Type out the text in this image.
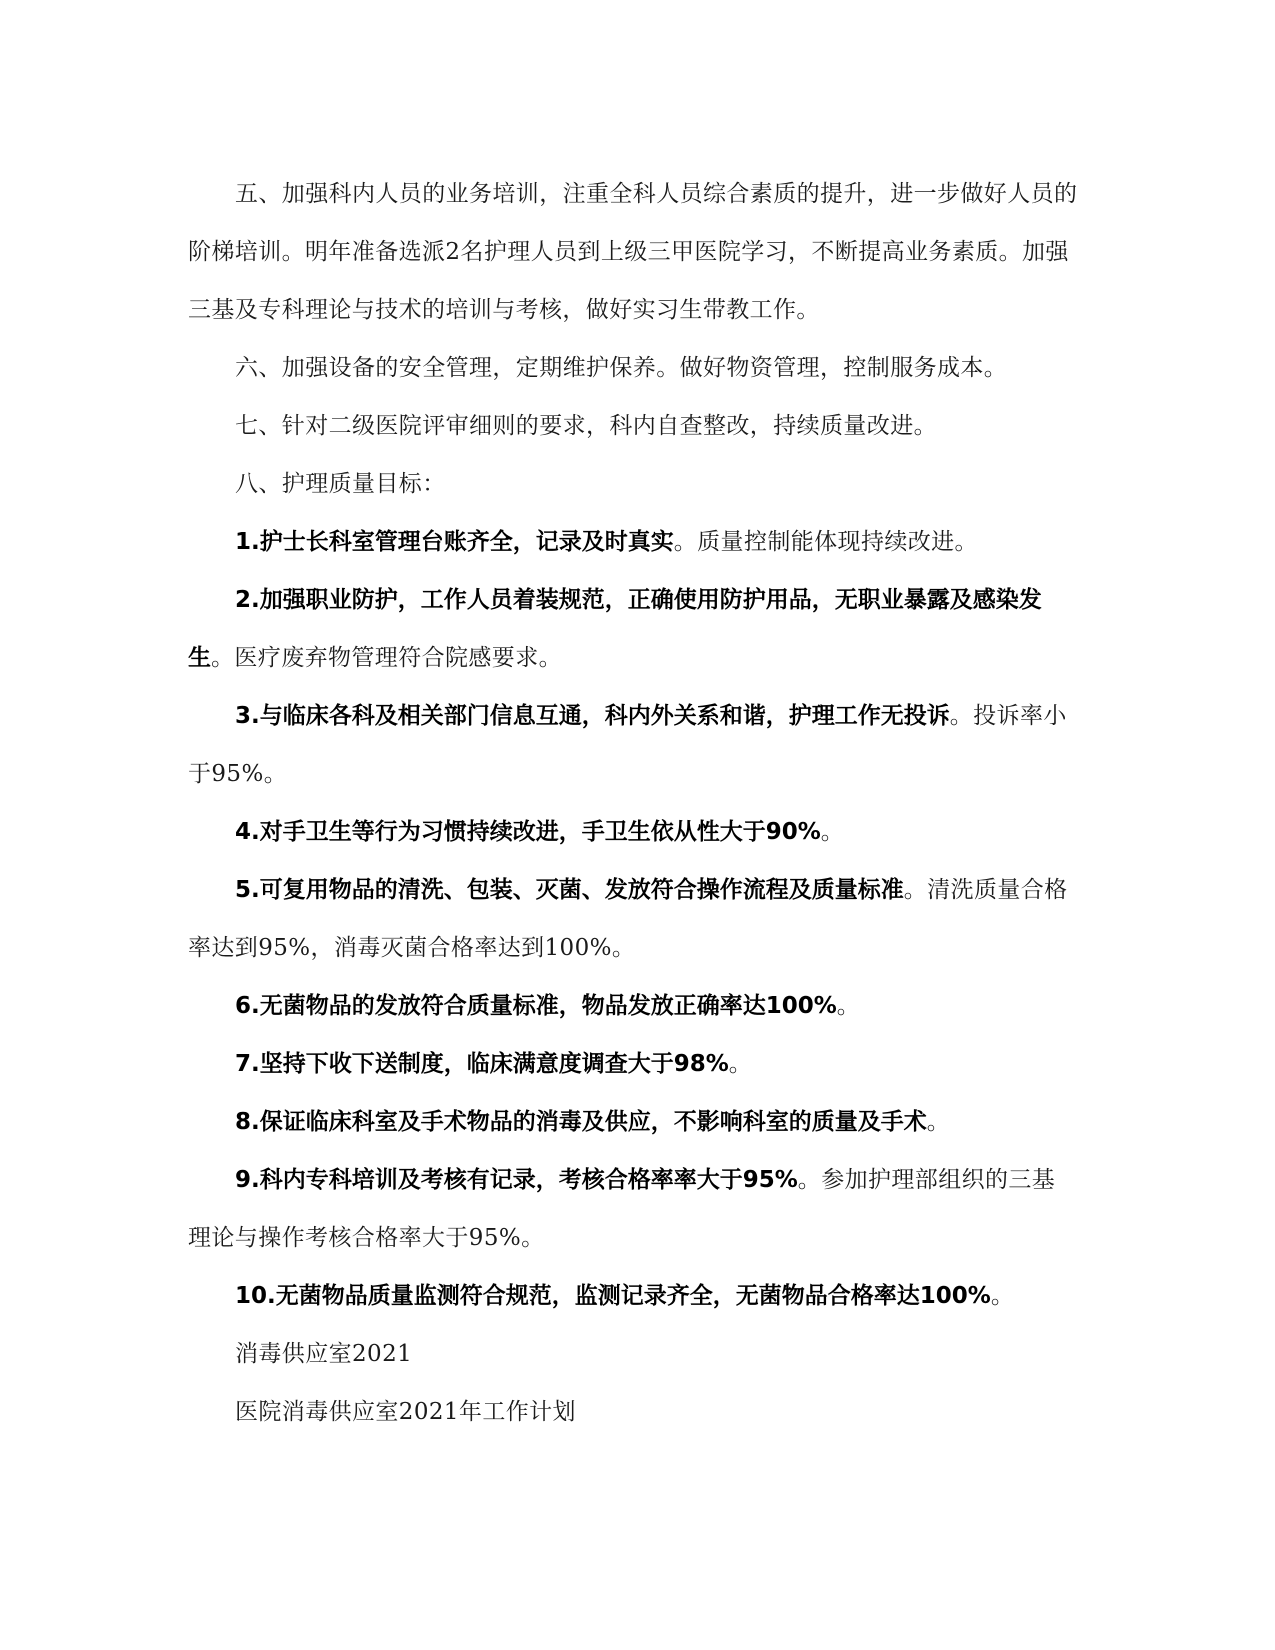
五、加强科内人员的业务培训，注重全科人员综合素质的提升，进一步做好人员的阶梯培训。明年准备选派2名护理人员到上级三甲医院学习，不断提高业务素质。加强三基及专科理论与技术的培训与考核，做好实习生带教工作。

六、加强设备的安全管理，定期维护保养。做好物资管理，控制服务成本。

七、针对二级医院评审细则的要求，科内自查整改，持续质量改进。

八、护理质量目标：

1.护士长科室管理台账齐全，记录及时真实。质量控制能体现持续改进。

2.加强职业防护，工作人员着装规范，正确使用防护用品，无职业暴露及感染发生。医疗废弃物管理符合院感要求。

3.与临床各科及相关部门信息互通，科内外关系和谐，护理工作无投诉。投诉率小于95%。

4.对手卫生等行为习惯持续改进，手卫生依从性大于90%。

5.可复用物品的清洗、包装、灭菌、发放符合操作流程及质量标准。清洗质量合格率达到95%，消毒灭菌合格率达到100%。

6.无菌物品的发放符合质量标准，物品发放正确率达100%。

7.坚持下收下送制度，临床满意度调查大于98%。

8.保证临床科室及手术物品的消毒及供应，不影响科室的质量及手术。

9.科内专科培训及考核有记录，考核合格率率大于95%。参加护理部组织的三基理论与操作考核合格率大于95%。

10.无菌物品质量监测符合规范，监测记录齐全，无菌物品合格率达100%。

消毒供应室2021

医院消毒供应室2021年工作计划
